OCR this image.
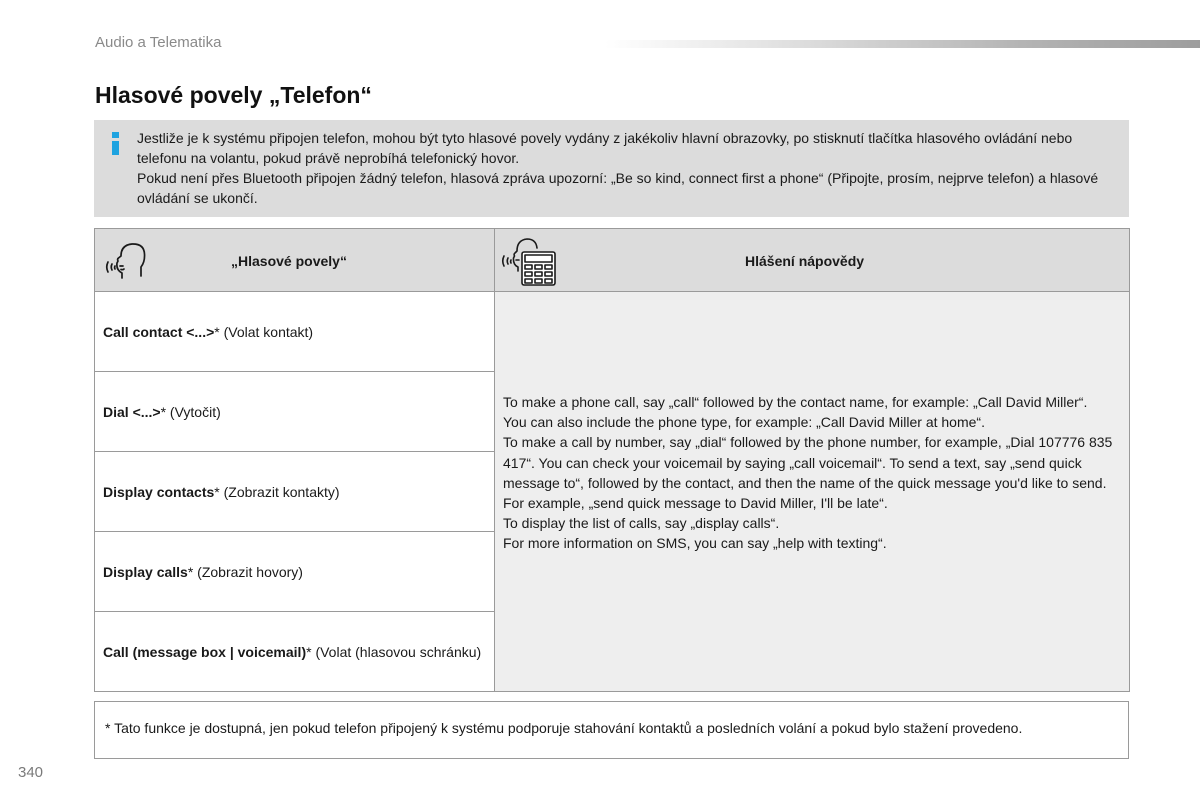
Audio a Telematika
Hlasové povely „Telefon“

Jestliže je k systému připojen telefon, mohou být tyto hlasové povely vydány z jakékoliv hlavní obrazovky, po stisknutí tlačítka hlasového ovládání nebo telefonu na volantu, pokud právě neprobíhá telefonický hovor.

Pokud není přes Bluetooth připojen žádný telefon, hlasová zpráva upozorní: „Be so kind, connect first a phone“ (Připojte, prosím, nejprve telefon) a hlasové ovládání se ukončí.

„Hlasové povely“	Hlášení nápovědy
Call contact <...>* (Volat kontakt)
Dial <...>* (Vytočit)
Display contacts* (Zobrazit kontakty)
Display calls* (Zobrazit hovory)
Call (message box | voicemail)* (Volat (hlasovou schránku)

To make a phone call, say „call“ followed by the contact name, for example: „Call David Miller“.

You can also include the phone type, for example: „Call David Miller at home“.

To make a call by number, say „dial“ followed by the phone number, for example, „Dial 107776 835 417“. You can check your voicemail by saying „call voicemail“. To send a text, say „send quick message to“, followed by the contact, and then the name of the quick message you'd like to send.

For example, „send quick message to David Miller, I'll be late“.

To display the list of calls, say „display calls“.

For more information on SMS, you can say „help with texting“.

* Tato funkce je dostupná, jen pokud telefon připojený k systému podporuje stahování kontaktů a posledních volání a pokud bylo stažení provedeno.
340
